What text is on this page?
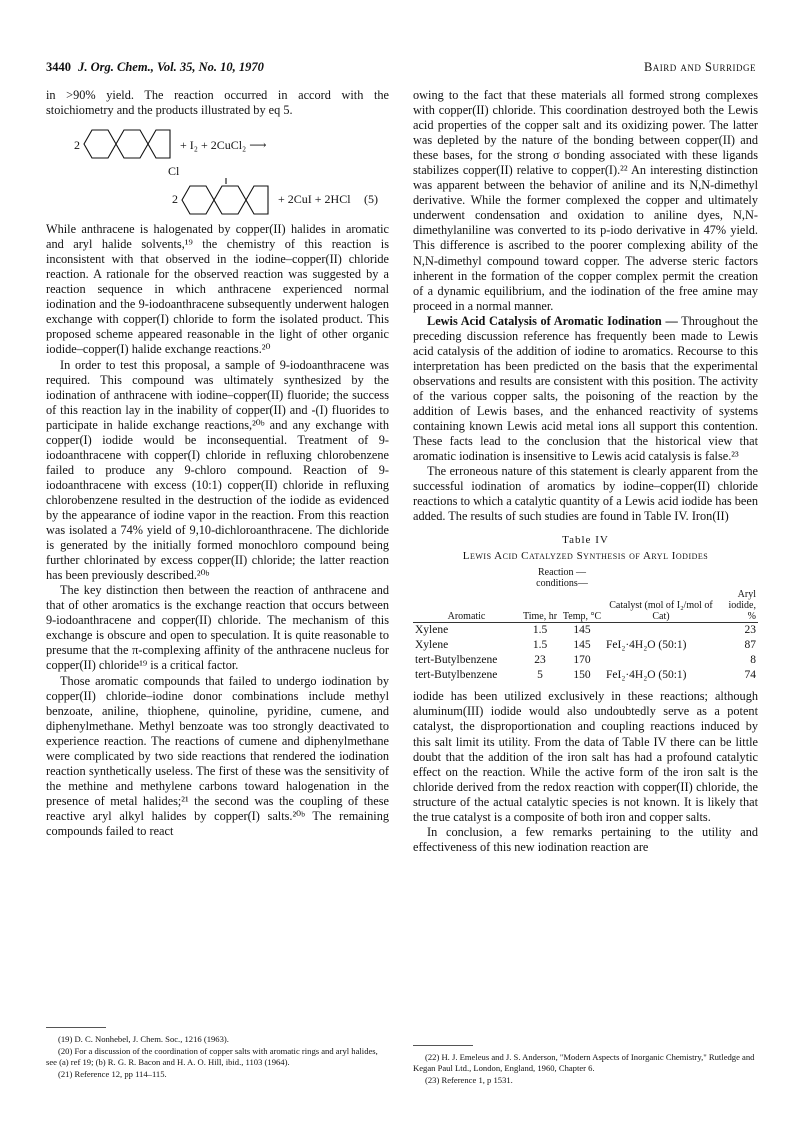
3440 J. Org. Chem., Vol. 35, No. 10, 1970	Baird and Surridge

in >90% yield. The reaction occurred in accord with the stoichiometry and the products illustrated by eq 5.

2	+ I₂ + 2CuCl₂ ⟶
Cl
2	+ 2CuI + 2HCl (5)

While anthracene is halogenated by copper(II) halides in aromatic and aryl halide solvents,¹⁹ the chemistry of this reaction is inconsistent with that observed in the iodine–copper(II) chloride reaction. A rationale for the observed reaction was suggested by a reaction sequence in which anthracene experienced normal iodination and the 9-iodoanthracene subsequently underwent halogen exchange with copper(I) chloride to form the isolated product. This proposed scheme appeared reasonable in the light of other organic iodide–copper(I) halide exchange reactions.²⁰

In order to test this proposal, a sample of 9-iodoanthracene was required. This compound was ultimately synthesized by the iodination of anthracene with iodine–copper(II) fluoride; the success of this reaction lay in the inability of copper(II) and -(I) fluorides to participate in halide exchange reactions,²⁰ᵇ and any exchange with copper(I) iodide would be inconsequential. Treatment of 9-iodoanthracene with copper(I) chloride in refluxing chlorobenzene failed to produce any 9-chloro compound. Reaction of 9-iodoanthracene with excess (10:1) copper(II) chloride in refluxing chlorobenzene resulted in the destruction of the iodide as evidenced by the appearance of iodine vapor in the reaction. From this reaction was isolated a 74% yield of 9,10-dichloroanthracene. The dichloride is generated by the initially formed monochloro compound being further chlorinated by excess copper(II) chloride; the latter reaction has been previously described.²⁰ᵇ

The key distinction then between the reaction of anthracene and that of other aromatics is the exchange reaction that occurs between 9-iodoanthracene and copper(II) chloride. The mechanism of this exchange is obscure and open to speculation. It is quite reasonable to presume that the π-complexing affinity of the anthracene nucleus for copper(II) chloride¹⁹ is a critical factor.

Those aromatic compounds that failed to undergo iodination by copper(II) chloride–iodine donor combinations include methyl benzoate, aniline, thiophene, quinoline, pyridine, cumene, and diphenylmethane. Methyl benzoate was too strongly deactivated to experience reaction. The reactions of cumene and diphenylmethane were complicated by two side reactions that rendered the iodination reaction synthetically useless. The first of these was the sensitivity of the methine and methylene carbons toward halogenation in the presence of metal halides;²¹ the second was the coupling of these reactive aryl alkyl halides by copper(I) salts.²⁰ᵇ The remaining compounds failed to react

owing to the fact that these materials all formed strong complexes with copper(II) chloride. This coordination destroyed both the Lewis acid properties of the copper salt and its oxidizing power. The latter was depleted by the nature of the bonding between copper(II) and these bases, for the strong σ bonding associated with these ligands stabilizes copper(II) relative to copper(I).²² An interesting distinction was apparent between the behavior of aniline and its N,N-dimethyl derivative. While the former complexed the copper and ultimately underwent condensation and oxidation to aniline dyes, N,N-dimethylaniline was converted to its p-iodo derivative in 47% yield. This difference is ascribed to the poorer complexing ability of the N,N-dimethyl compound toward copper. The adverse steric factors inherent in the formation of the copper complex permit the creation of a dynamic equilibrium, and the iodination of the free amine may proceed in a normal manner.

Lewis Acid Catalysis of Aromatic Iodination — Throughout the preceding discussion reference has frequently been made to Lewis acid catalysis of the addition of iodine to aromatics. Recourse to this interpretation has been predicted on the basis that the experimental observations and results are consistent with this position. The activity of the various copper salts, the poisoning of the reaction by the addition of Lewis bases, and the enhanced reactivity of systems containing known Lewis acid metal ions all support this contention. These facts lead to the conclusion that the historical view that aromatic iodination is insensitive to Lewis acid catalysis is false.²³

The erroneous nature of this statement is clearly apparent from the successful iodination of aromatics by iodine–copper(II) chloride reactions to which a catalytic quantity of a Lewis acid iodide has been added. The results of such studies are found in Table IV. Iron(II)

Table IV
Lewis Acid Catalyzed Synthesis of Aryl Iodides
	Reaction —conditions—			
Aromatic	Time, hr	Temp, °C	Catalyst (mol of I₂/mol of Cat)	Aryl iodide, %
Xylene	1.5	145		23
Xylene	1.5	145	FeI₂·4H₂O (50:1)	87
tert-Butylbenzene	23	170		8
tert-Butylbenzene	5	150	FeI₂·4H₂O (50:1)	74

iodide has been utilized exclusively in these reactions; although aluminum(III) iodide would also undoubtedly serve as a potent catalyst, the disproportionation and coupling reactions induced by this salt limit its utility. From the data of Table IV there can be little doubt that the addition of the iron salt has had a profound catalytic effect on the reaction. While the active form of the iron salt is the chloride derived from the redox reaction with copper(II) chloride, the structure of the actual catalytic species is not known. It is likely that the true catalyst is a composite of both iron and copper salts.

In conclusion, a few remarks pertaining to the utility and effectiveness of this new iodination reaction are

(19) D. C. Nonhebel, J. Chem. Soc., 1216 (1963).

(20) For a discussion of the coordination of copper salts with aromatic rings and aryl halides, see (a) ref 19; (b) R. G. R. Bacon and H. A. O. Hill, ibid., 1103 (1964).

(21) Reference 12, pp 114–115.

(22) H. J. Emeleus and J. S. Anderson, "Modern Aspects of Inorganic Chemistry," Rutledge and Kegan Paul Ltd., London, England, 1960, Chapter 6.

(23) Reference 1, p 1531.
